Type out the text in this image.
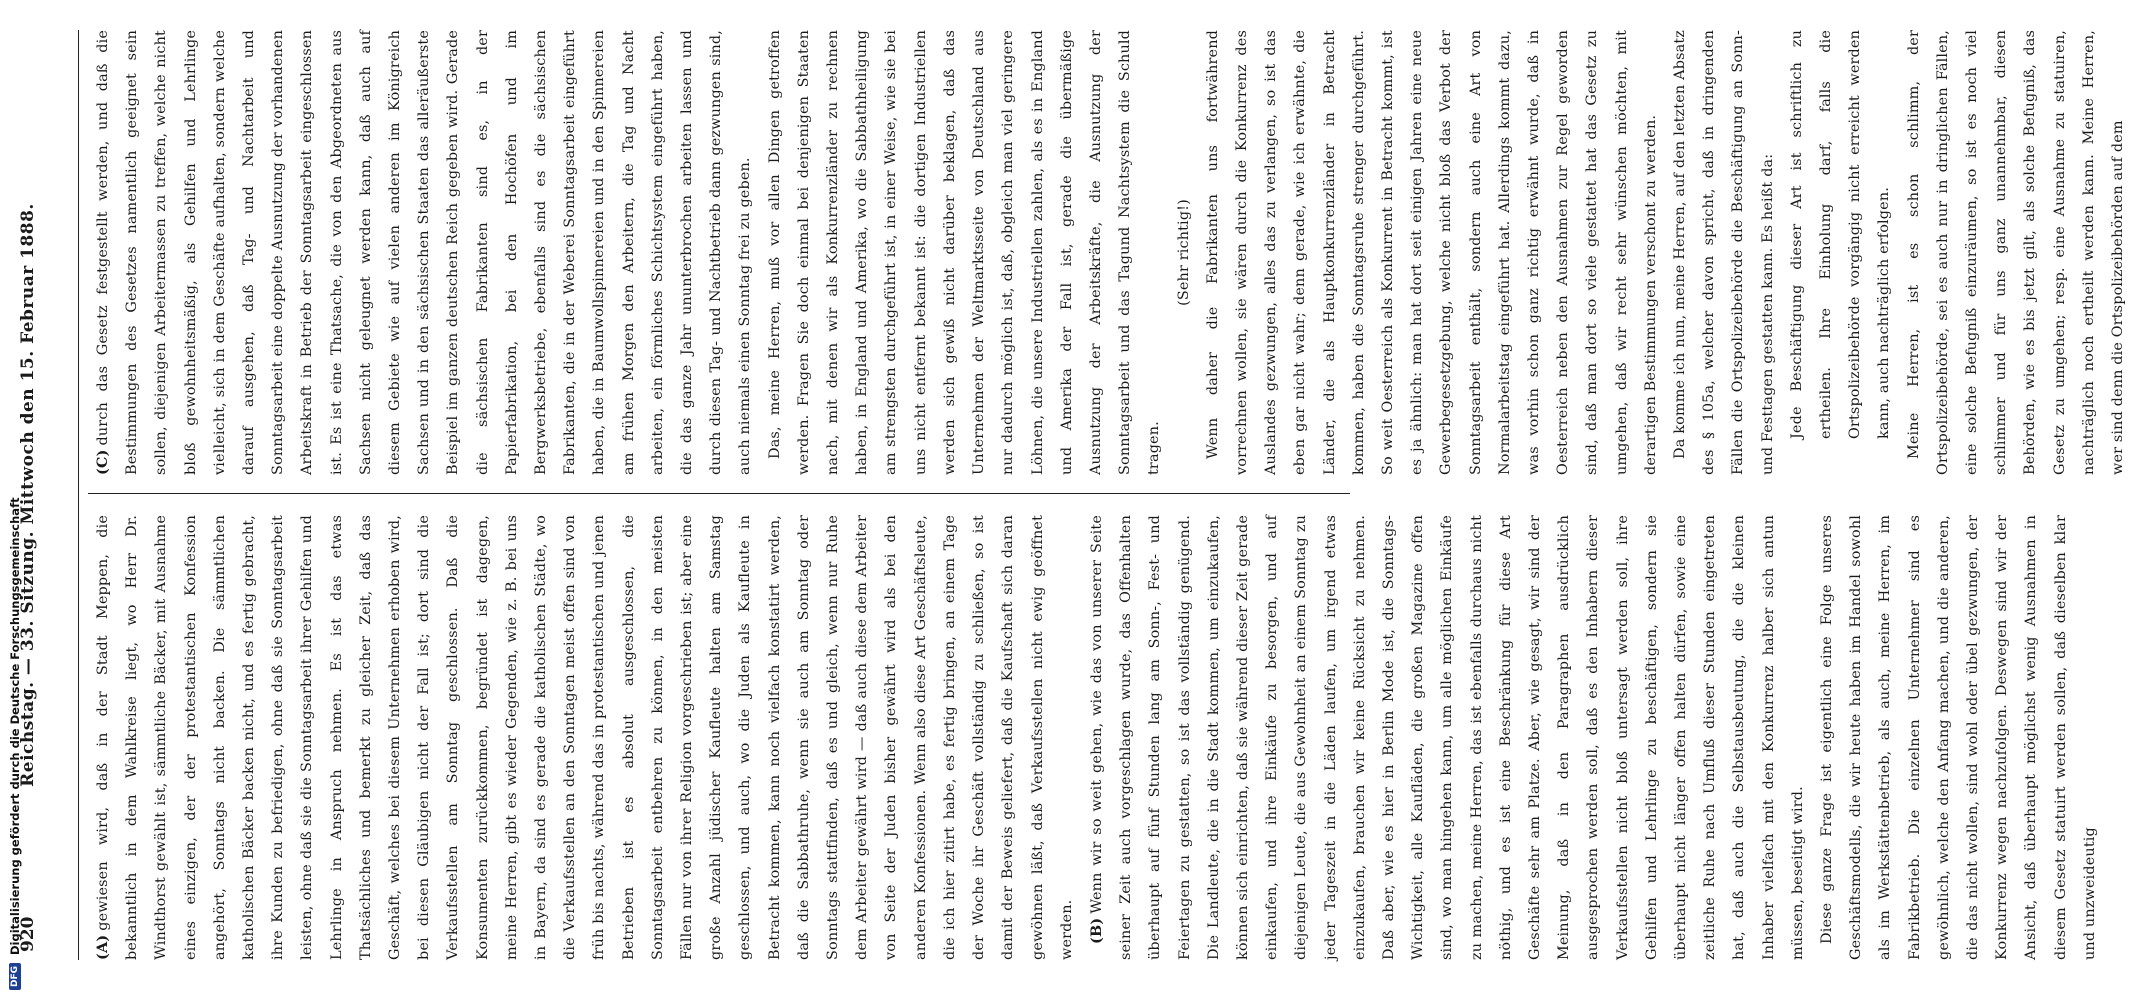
920
Reichstag. — 33. Sitzung. Mittwoch den 15. Februar 1888.

(A)gewiesen wird, daß in der Stadt Meppen, die bekanntlich in dem Wahlkreise liegt, wo Herr Dr. Windthorst gewählt ist, sämmtliche Bäcker, mit Ausnahme eines einzigen, der der protestantischen Konfession angehört, Sonntags nicht backen. Die sämmtlichen katholischen Bäcker backen nicht, und es fertig gebracht, ihre Kunden zu befriedigen, ohne daß sie Sonntagsarbeit leisten, ohne daß sie die Sonntagsarbeit ihrer Gehilfen und Lehrlinge in Anspruch nehmen. Es ist das etwas Thatsächliches und bemerkt zu gleicher Zeit, daß das Geschäft, welches bei diesem Unternehmen erhoben wird, bei diesen Gläubigen nicht der Fall ist; dort sind die Verkaufsstellen am Sonntag geschlossen. Daß die Konsumenten zurückkommen, begründet ist dagegen, meine Herren, gibt es wieder Gegenden, wie z. B. bei uns in Bayern, da sind es gerade die katholischen Städte, wo die Verkaufsstellen an den Sonntagen meist offen sind von früh bis nachts, während das in protestantischen und jenen Betrieben ist es absolut ausgeschlossen, die Sonntagsarbeit entbehren zu können, in den meisten Fällen nur von ihrer Religion vorgeschrieben ist; aber eine große Anzahl jüdischer Kaufleute halten am Samstag geschlossen, und auch, wo die Juden als Kaufleute in Betracht kommen, kann noch vielfach konstatirt werden, daß die Sabbathruhe, wenn sie auch am Sonntag oder Sonntags stattfinden, daß es und gleich, wenn nur Ruhe dem Arbeiter gewährt wird — daß auch diese dem Arbeiter von Seite der Juden bisher gewährt wird als bei den anderen Konfessionen. Wenn also diese Art Geschäftsleute, die ich hier zitirt habe, es fertig bringen, an einem Tage der Woche ihr Geschäft vollständig zu schließen, so ist damit der Beweis geliefert, daß die Kaufschaft sich daran gewöhnen läßt, daß Verkaufsstellen nicht ewig geöffnet werden. (B)Wenn wir so weit gehen, wie das von unserer Seite seiner Zeit auch vorgeschlagen wurde, das Offenhalten überhaupt auf fünf Stunden lang am Sonn-, Fest- und Feiertagen zu gestatten, so ist das vollständig genügend. Die Landleute, die in die Stadt kommen, um einzukaufen, können sich einrichten, daß sie während dieser Zeit gerade einkaufen, und ihre Einkäufe zu besorgen, und auf diejenigen Leute, die aus Gewohnheit an einem Sonntag zu jeder Tageszeit in die Läden laufen, um irgend etwas einzukaufen, brauchen wir keine Rücksicht zu nehmen. Daß aber, wie es hier in Berlin Mode ist, die Sonntags-Wichtigkeit, alle Kaufläden, die großen Magazine offen sind, wo man hingehen kann, um alle möglichen Einkäufe zu machen, meine Herren, das ist ebenfalls durchaus nicht nöthig, und es ist eine Beschränkung für diese Art Geschäfte sehr am Platze. Aber, wie gesagt, wir sind der Meinung, daß in den Paragraphen ausdrücklich ausgesprochen werden soll, daß es den Inhabern dieser Verkaufsstellen nicht bloß untersagt werden soll, ihre Gehilfen und Lehrlinge zu beschäftigen, sondern sie überhaupt nicht länger offen halten dürfen, sowie eine zeitliche Ruhe nach Umfluß dieser Stunden eingetreten hat, daß auch die Selbstausbeutung, die die kleinen Inhaber vielfach mit den Konkurrenz halber sich antun müssen, beseitigt wird. Diese ganze Frage ist eigentlich eine Folge unseres Geschäftsmodells, die wir heute haben im Handel sowohl als im Werkstättenbetrieb, als auch, meine Herren, im Fabrikbetrieb. Die einzelnen Unternehmer sind es gewöhnlich, welche den Anfang machen, und die anderen, die das nicht wollen, sind wohl oder übel gezwungen, der Konkurrenz wegen nachzufolgen. Deswegen sind wir der Ansicht, daß überhaupt möglichst wenig Ausnahmen in diesem Gesetz statuirt werden sollen, daß dieselben klar und unzweideutig

(C)durch das Gesetz festgestellt werden, und daß die Bestimmungen des Gesetzes namentlich geeignet sein sollen, diejenigen Arbeitermassen zu treffen, welche nicht bloß gewohnheitsmäßig, als Gehilfen und Lehrlinge vielleicht, sich in dem Geschäfte aufhalten, sondern welche darauf ausgehen, daß Tag- und Nachtarbeit und Sonntagsarbeit eine doppelte Ausnutzung der vorhandenen Arbeitskraft in Betrieb der Sonntagsarbeit eingeschlossen ist. Es ist eine Thatsache, die von den Abgeordneten aus Sachsen nicht geleugnet werden kann, daß auch auf diesem Gebiete wie auf vielen anderen im Königreich Sachsen und in den sächsischen Staaten das alleräußerste Beispiel im ganzen deutschen Reich gegeben wird. Gerade die sächsischen Fabrikanten sind es, in der Papierfabrikation, bei den Hochöfen und im Bergwerksbetriebe, ebenfalls sind es die sächsischen Fabrikanten, die in der Weberei Sonntagsarbeit eingeführt haben, die in Baumwollspinnereien und in den Spinnereien am frühen Morgen den Arbeitern, die Tag und Nacht arbeiten, ein förmliches Schichtsystem eingeführt haben, die das ganze Jahr ununterbrochen arbeiten lassen und durch diesen Tag- und Nachtbetrieb dann gezwungen sind, auch niemals einen Sonntag frei zu geben. Das, meine Herren, muß vor allen Dingen getroffen werden. Fragen Sie doch einmal bei denjenigen Staaten nach, mit denen wir als Konkurrenzländer zu rechnen haben, in England und Amerika, wo die Sabbathheiligung am strengsten durchgeführt ist, in einer Weise, wie sie bei uns nicht entfernt bekannt ist: die dortigen Industriellen werden sich gewiß nicht darüber beklagen, daß das Unternehmen der Weltmarktsseite von Deutschland aus nur dadurch möglich ist, daß, obgleich man viel geringere Löhnen, die unsere Industriellen zahlen, als es in England und Amerika der Fall ist, gerade die übermäßige Ausnutzung der Arbeitskräfte, die Ausnutzung der Sonntagsarbeit und das Tagund Nachtsystem die Schuld tragen.

(Sehr richtig!) Wenn daher die Fabrikanten uns fortwährend vorrechnen wollen, sie wären durch die Konkurrenz des Auslandes gezwungen, alles das zu verlangen, so ist das eben gar nicht wahr; denn gerade, wie ich erwähnte, die Länder, die als Hauptkonkurrenzländer in Betracht kommen, haben die Sonntagsruhe strenger durchgeführt. So weit Oesterreich als Konkurrent in Betracht kommt, ist es ja ähnlich: man hat dort seit einigen Jahren eine neue Gewerbegesetzgebung, welche nicht bloß das Verbot der Sonntagsarbeit enthält, sondern auch eine Art von Normalarbeitstag eingeführt hat. Allerdings kommt dazu, was vorhin schon ganz richtig erwähnt wurde, daß in Oesterreich neben den Ausnahmen zur Regel geworden sind, daß man dort so viele gestattet hat das Gesetz zu umgehen, daß wir recht sehr wünschen möchten, mit derartigen Bestimmungen verschont zu werden. Da komme ich nun, meine Herren, auf den letzten Absatz des § 105a, welcher davon spricht, daß in dringenden Fällen die Ortspolizeibehörde die Beschäftigung an Sonn- und Festtagen gestatten kann. Es heißt da: Jede Beschäftigung dieser Art ist schriftlich zu ertheilen. Ihre Einholung darf, falls die Ortspolizeibehörde vorgängig nicht erreicht werden kann, auch nachträglich erfolgen. Meine Herren, ist es schon schlimm, der Ortspolizeibehörde, sei es auch nur in dringlichen Fällen, eine solche Befugniß einzuräumen, so ist es noch viel schlimmer und für uns ganz unannehmbar, diesen Behörden, wie es bis jetzt gilt, als solche Befugniß, das Gesetz zu umgehen; resp. eine Ausnahme zu statuiren, nachträglich noch ertheilt werden kann. Meine Herren, wer sind denn die Ortspolizeibehörden auf dem

DFG
Digitalisierung gefördert durch die Deutsche Forschungsgemeinschaft
